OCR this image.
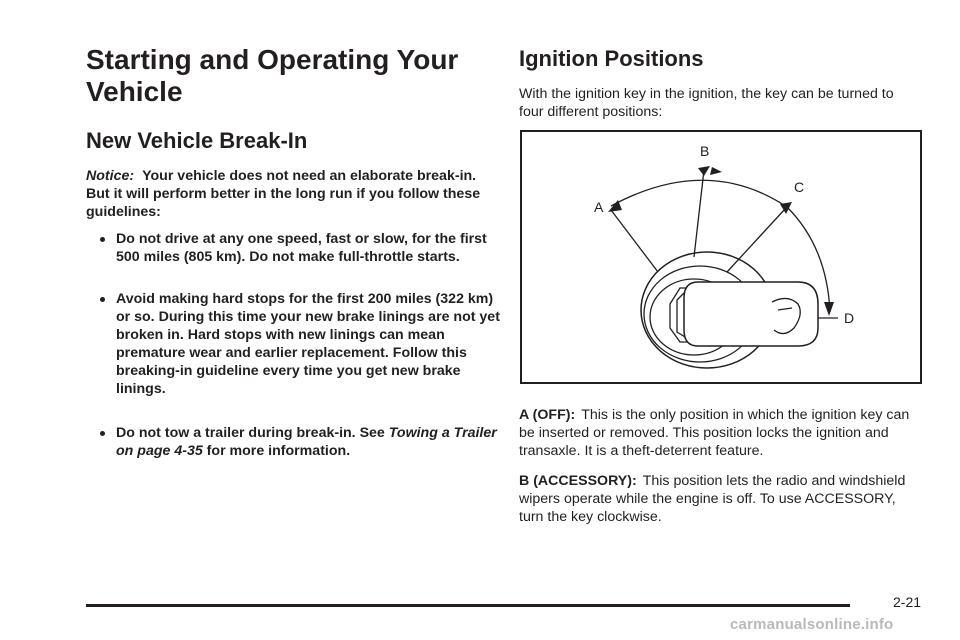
Starting and Operating Your Vehicle
New Vehicle Break-In

Notice: Your vehicle does not need an elaborate break-in. But it will perform better in the long run if you follow these guidelines:

Do not drive at any one speed, fast or slow, for the first 500 miles (805 km). Do not make full-throttle starts.
Avoid making hard stops for the first 200 miles (322 km) or so. During this time your new brake linings are not yet broken in. Hard stops with new linings can mean premature wear and earlier replacement. Follow this breaking-in guideline every time you get new brake linings.
Do not tow a trailer during break-in. See Towing a Trailer on page 4-35 for more information.
Ignition Positions

With the ignition key in the ignition, the key can be turned to four different positions:

A
B
C
D

A (OFF): This is the only position in which the ignition key can be inserted or removed. This position locks the ignition and transaxle. It is a theft-deterrent feature.

B (ACCESSORY): This position lets the radio and windshield wipers operate while the engine is off. To use ACCESSORY, turn the key clockwise.

2-21
carmanualsonline.info
